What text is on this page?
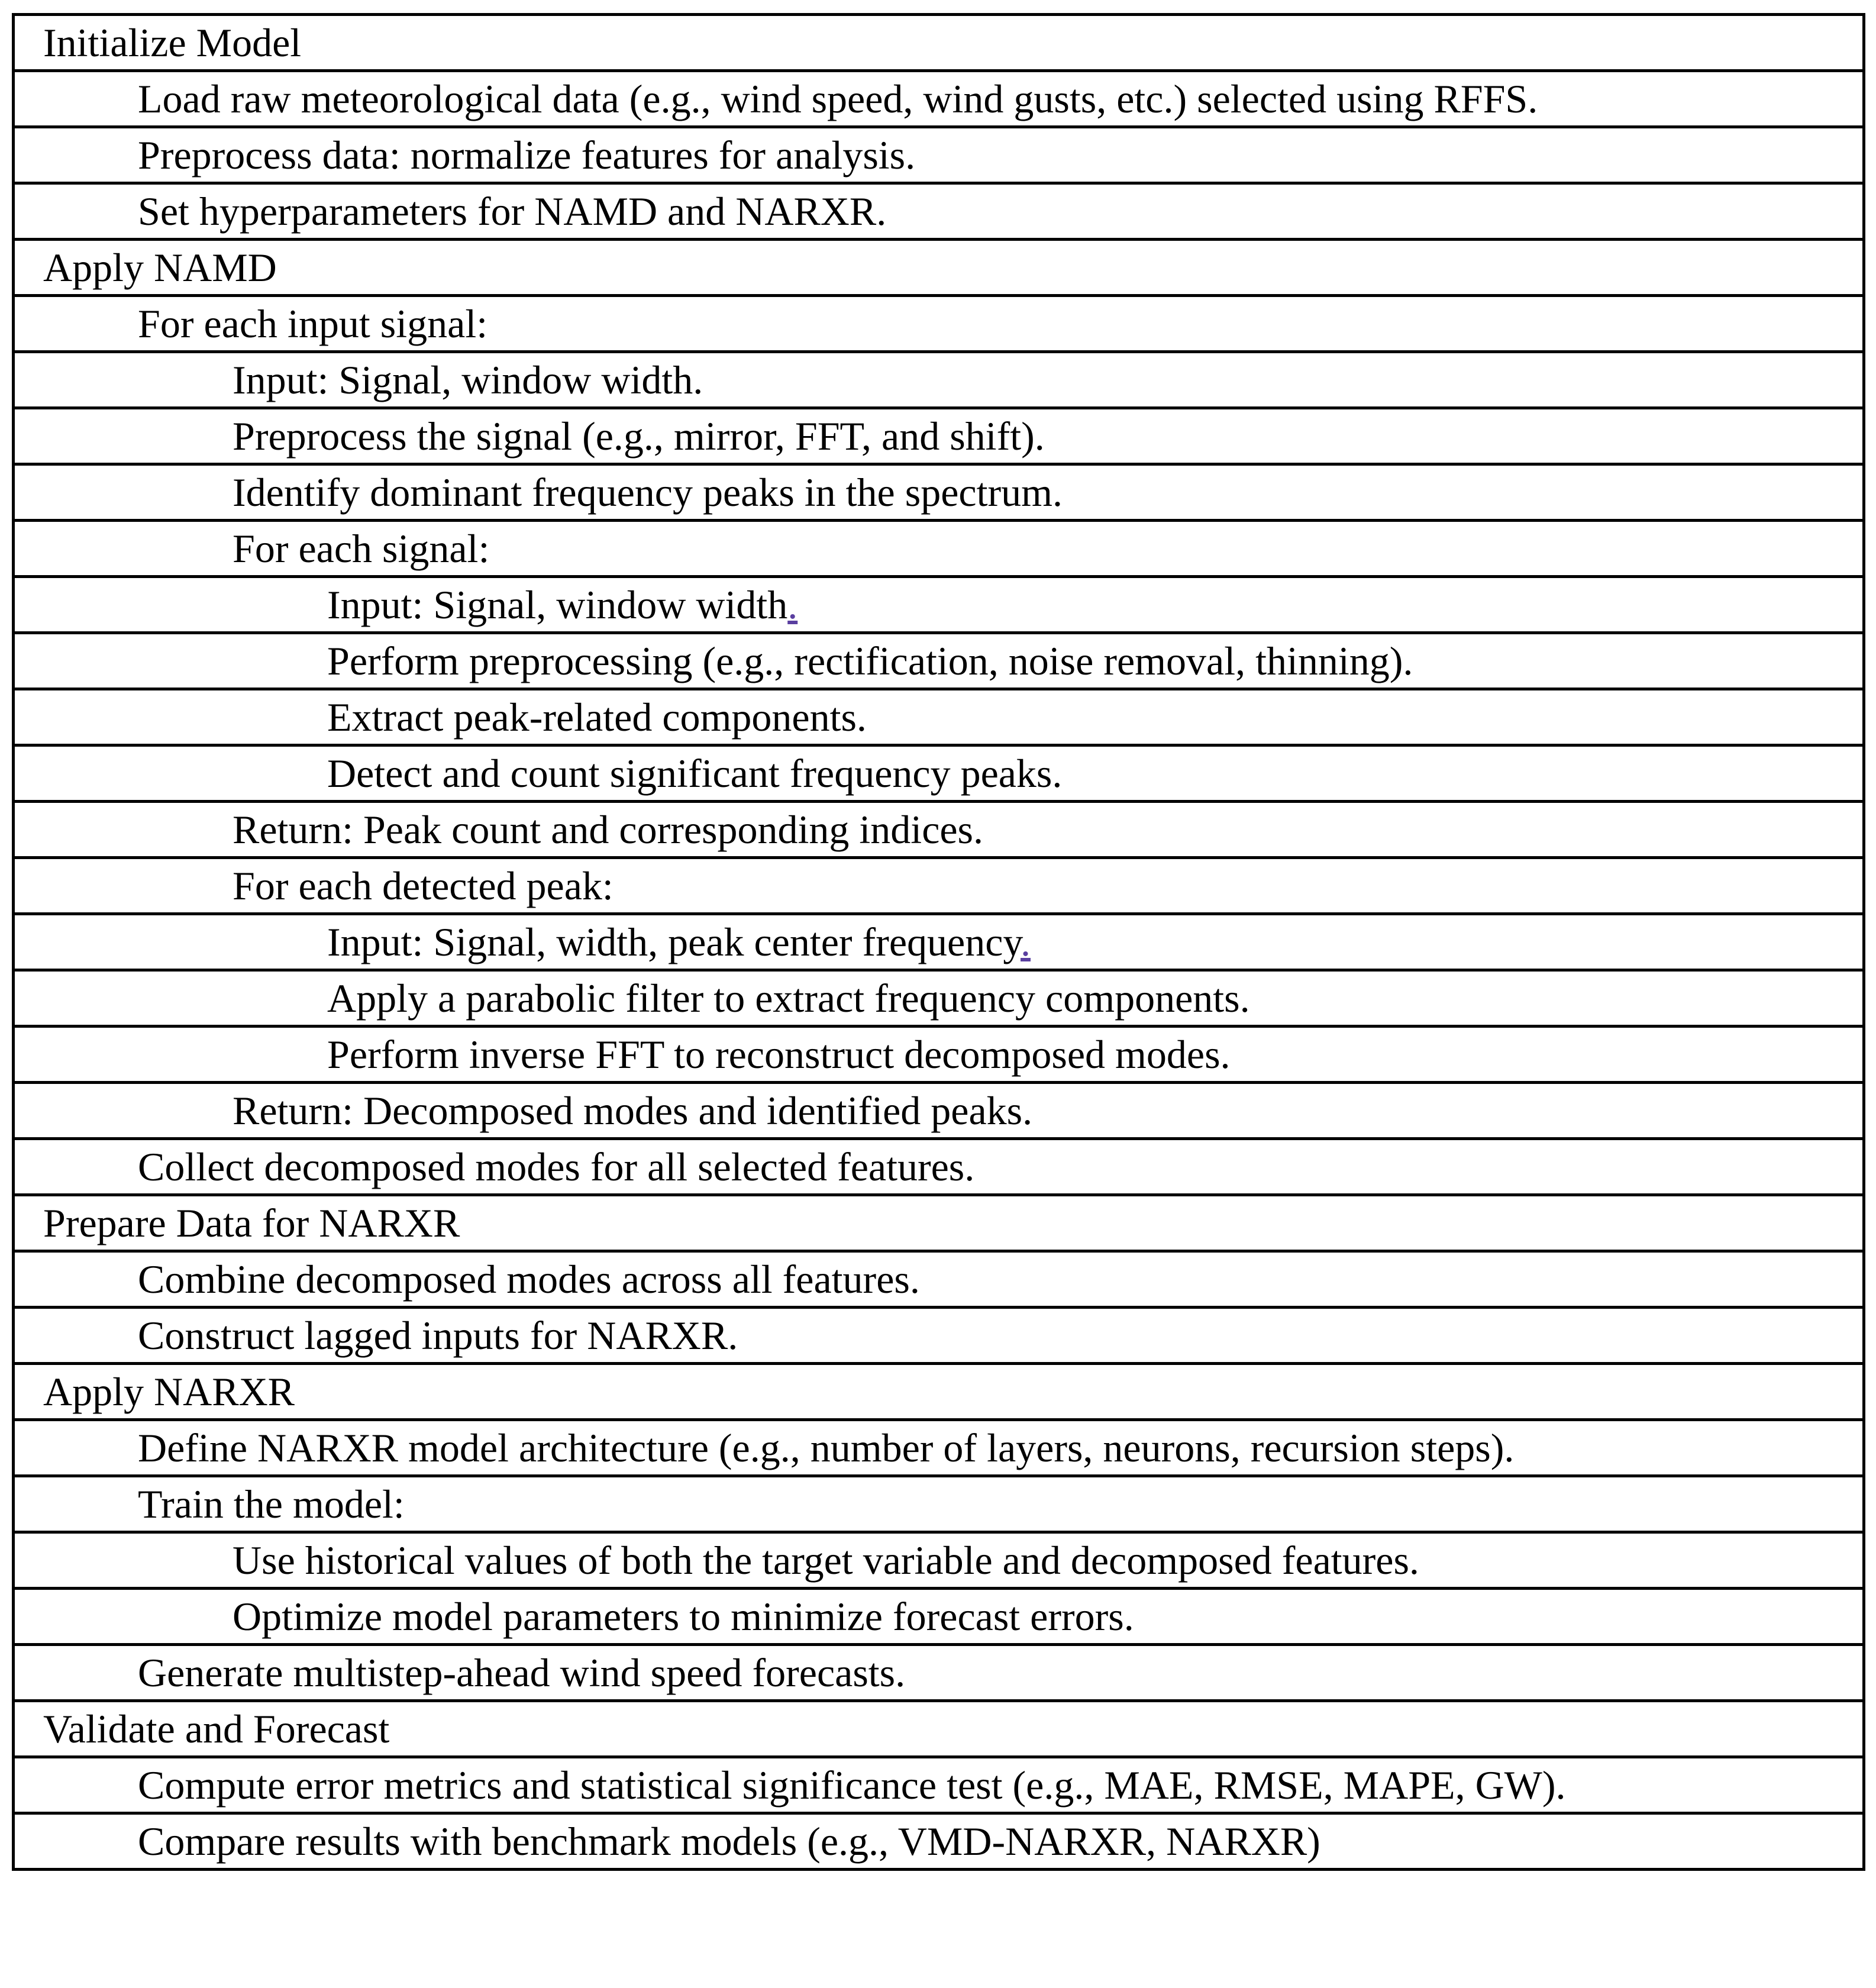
Initialize Model
Load raw meteorological data (e.g., wind speed, wind gusts, etc.) selected using RFFS.
Preprocess data: normalize features for analysis.
Set hyperparameters for NAMD and NARXR.
Apply NAMD
For each input signal:
Input: Signal, window width.
Preprocess the signal (e.g., mirror, FFT, and shift).
Identify dominant frequency peaks in the spectrum.
For each signal:
Input: Signal, window width.
Perform preprocessing (e.g., rectification, noise removal, thinning).
Extract peak-related components.
Detect and count significant frequency peaks.
Return: Peak count and corresponding indices.
For each detected peak:
Input: Signal, width, peak center frequency.
Apply a parabolic filter to extract frequency components.
Perform inverse FFT to reconstruct decomposed modes.
Return: Decomposed modes and identified peaks.
Collect decomposed modes for all selected features.
Prepare Data for NARXR
Combine decomposed modes across all features.
Construct lagged inputs for NARXR.
Apply NARXR
Define NARXR model architecture (e.g., number of layers, neurons, recursion steps).
Train the model:
Use historical values of both the target variable and decomposed features.
Optimize model parameters to minimize forecast errors.
Generate multistep-ahead wind speed forecasts.
Validate and Forecast
Compute error metrics and statistical significance test (e.g., MAE, RMSE, MAPE, GW).
Compare results with benchmark models (e.g., VMD-NARXR, NARXR)
